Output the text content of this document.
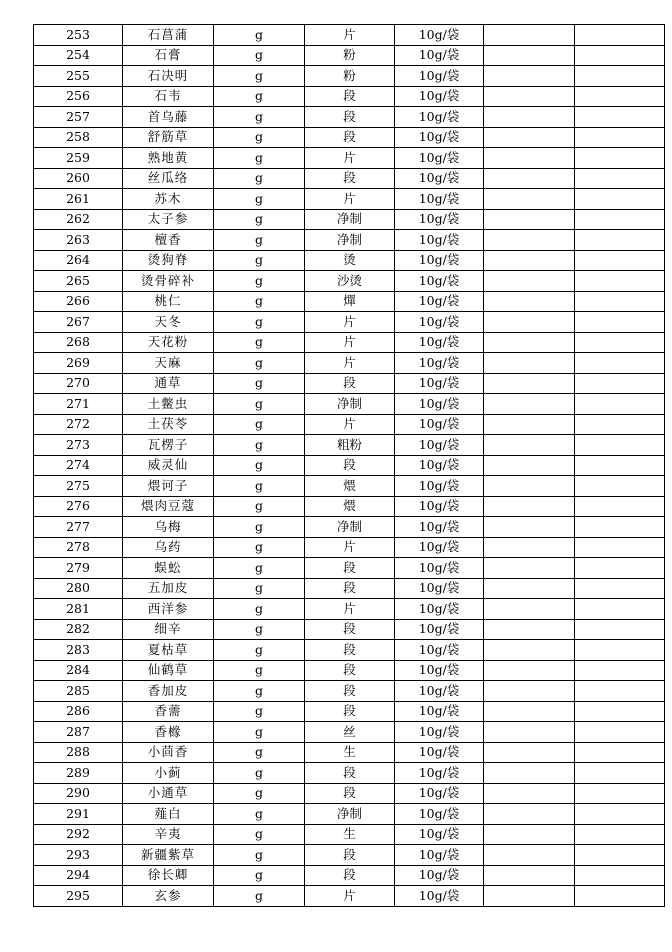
253	石菖蒲	g	片	10g/袋		
254	石膏	g	粉	10g/袋		
255	石决明	g	粉	10g/袋		
256	石韦	g	段	10g/袋		
257	首乌藤	g	段	10g/袋		
258	舒筋草	g	段	10g/袋		
259	熟地黄	g	片	10g/袋		
260	丝瓜络	g	段	10g/袋		
261	苏木	g	片	10g/袋		
262	太子参	g	净制	10g/袋		
263	檀香	g	净制	10g/袋		
264	烫狗脊	g	烫	10g/袋		
265	烫骨碎补	g	沙烫	10g/袋		
266	桃仁	g	燀	10g/袋		
267	天冬	g	片	10g/袋		
268	天花粉	g	片	10g/袋		
269	天麻	g	片	10g/袋		
270	通草	g	段	10g/袋		
271	土鳖虫	g	净制	10g/袋		
272	土茯苓	g	片	10g/袋		
273	瓦楞子	g	粗粉	10g/袋		
274	威灵仙	g	段	10g/袋		
275	煨诃子	g	煨	10g/袋		
276	煨肉豆蔻	g	煨	10g/袋		
277	乌梅	g	净制	10g/袋		
278	乌药	g	片	10g/袋		
279	蜈蚣	g	段	10g/袋		
280	五加皮	g	段	10g/袋		
281	西洋参	g	片	10g/袋		
282	细辛	g	段	10g/袋		
283	夏枯草	g	段	10g/袋		
284	仙鹤草	g	段	10g/袋		
285	香加皮	g	段	10g/袋		
286	香薷	g	段	10g/袋		
287	香橼	g	丝	10g/袋		
288	小茴香	g	生	10g/袋		
289	小蓟	g	段	10g/袋		
290	小通草	g	段	10g/袋		
291	薤白	g	净制	10g/袋		
292	辛夷	g	生	10g/袋		
293	新疆紫草	g	段	10g/袋		
294	徐长卿	g	段	10g/袋		
295	玄参	g	片	10g/袋		
